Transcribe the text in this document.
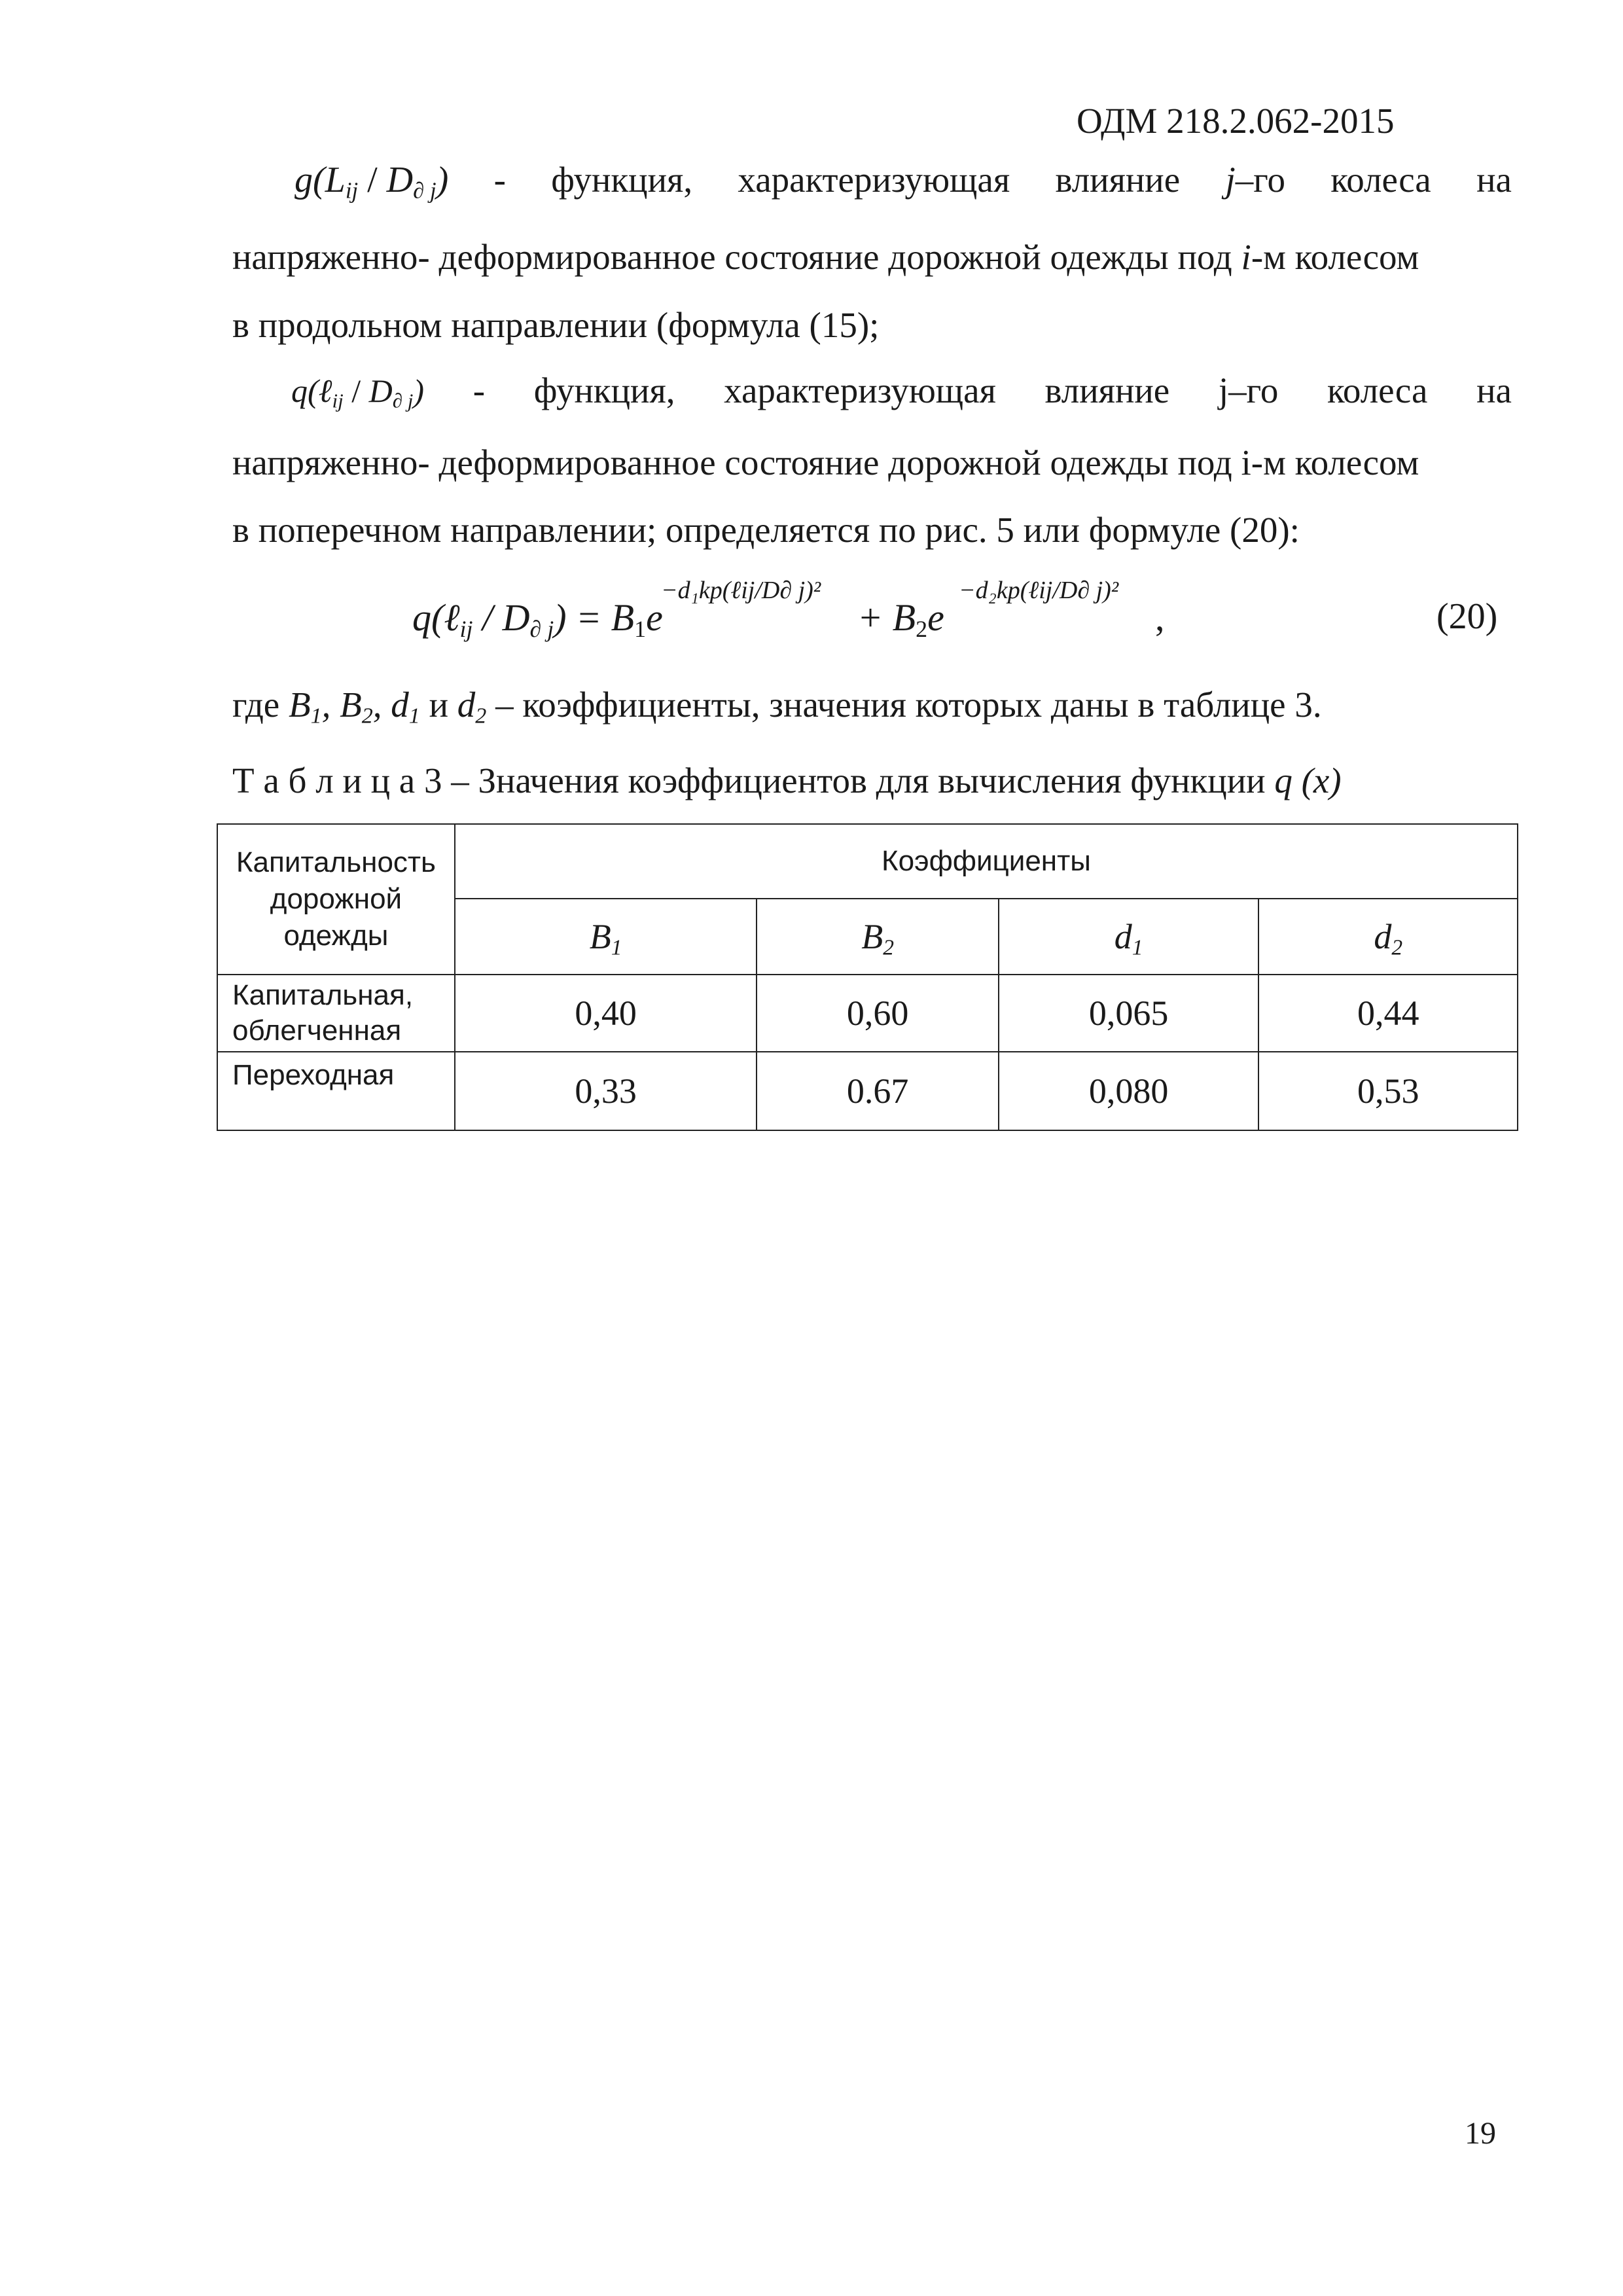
ОДМ 218.2.062-2015
$g(L_{ij} / D_{\partial j})$ - функция, характеризующая влияние j–го колеса на
напряженно- деформированное состояние дорожной одежды под i-м колесом
в продольном направлении (формула (15);
q(ℓ$_{ij}$ / $D_{\partial j}$) - функция, характеризующая влияние j–го колеса на
напряженно- деформированное состояние дорожной одежды под i-м колесом
в поперечном направлении; определяется по рис. 5 или формуле (20):
q(ℓ$_{ij}$ / $D_{\partial j}) = B_1e$
−d₁kp(ℓij/D∂ j)²
+ $B_2e$
−d₂kp(ℓij/D∂ j)²
,	(20)
где $B_1$, $B_2$, $d_1$ и $d_2$ – коэффициенты, значения которых даны в таблице 3.
Т а б л и ц а 3 – Значения коэффициентов для вычисления функции q (x)
Капитальность
дорожной
одежды	Коэффициенты			
	$B_1$	$B_2$	$d_1$	$d_2$

Капитальная,
облегченная	0,40	0,60	0,065	0,44

Переходная	0,33	0.67	0,080	0,53
19
